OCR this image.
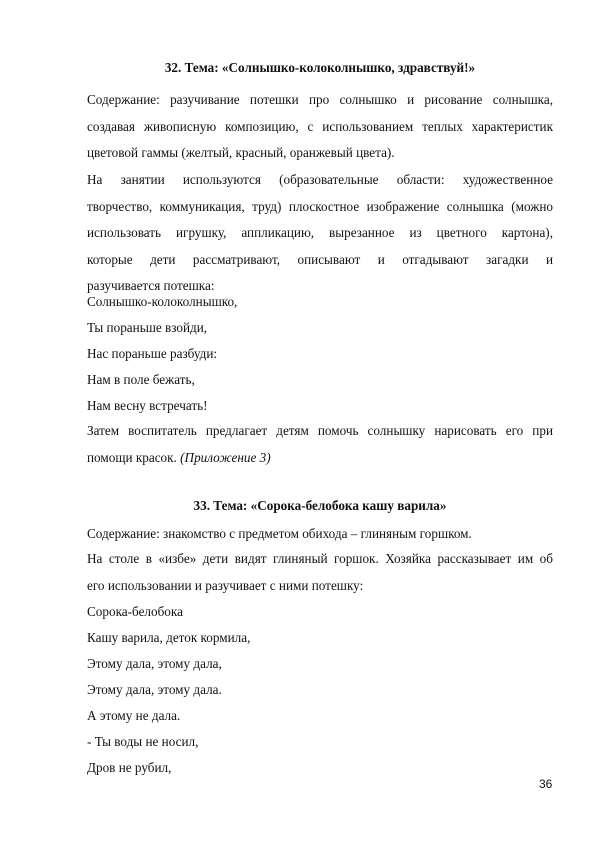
32. Тема: «Солнышко-колоколнышко, здравствуй!»
Содержание: разучивание потешки про солнышко и рисование солнышка,
создавая живописную композицию, с использованием теплых характеристик
цветовой гаммы (желтый, красный, оранжевый цвета).
На занятии используются (образовательные области: художественное
творчество, коммуникация, труд) плоскостное изображение солнышка (можно
использовать игрушку, аппликацию, вырезанное из цветного картона),
которые дети рассматривают, описывают и отгадывают загадки и
разучивается потешка:
Солнышко-колоколнышко,
Ты пораньше взойди,
Нас пораньше разбуди:
Нам в поле бежать,
Нам весну встречать!
Затем воспитатель предлагает детям помочь солнышку нарисовать его при
помощи красок. (Приложение 3)
33. Тема: «Сорока-белобока кашу варила»
Содержание: знакомство с предметом обихода – глиняным горшком.
На столе в «избе» дети видят глиняный горшок. Хозяйка рассказывает им об
его использовании и разучивает с ними потешку:
Сорока-белобока
Кашу варила, деток кормила,
Этому дала, этому дала,
Этому дала, этому дала.
А этому не дала.
- Ты воды не носил,
Дров не рубил,
36
